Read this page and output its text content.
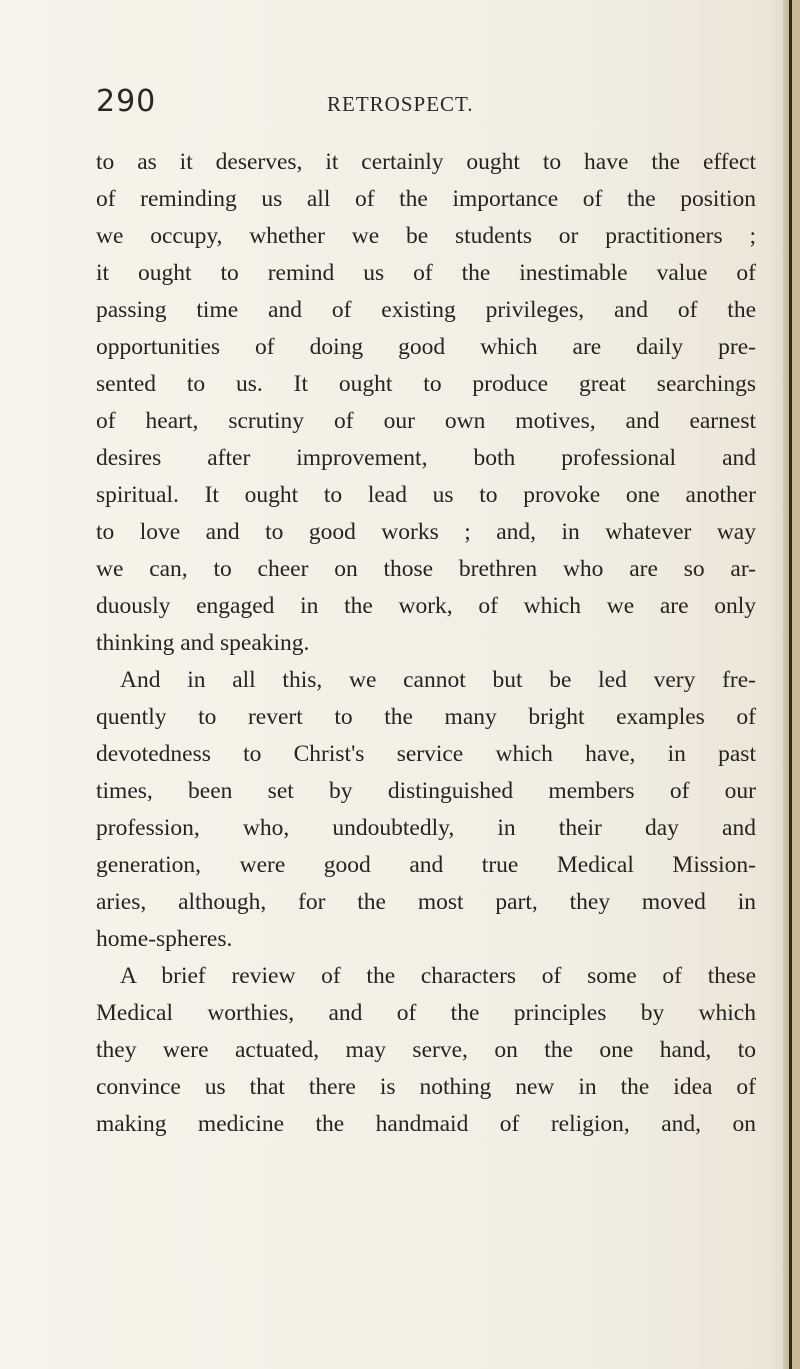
290	RETROSPECT.
to as it deserves, it certainly ought to have the effect
of reminding us all of the importance of the position
we occupy, whether we be students or practitioners ;
it ought to remind us of the inestimable value of
passing time and of existing privileges, and of the
opportunities of doing good which are daily pre-
sented to us. It ought to produce great searchings
of heart, scrutiny of our own motives, and earnest
desires after improvement, both professional and
spiritual. It ought to lead us to provoke one another
to love and to good works ; and, in whatever way
we can, to cheer on those brethren who are so ar-
duously engaged in the work, of which we are only
thinking and speaking.
And in all this, we cannot but be led very fre-
quently to revert to the many bright examples of
devotedness to Christ's service which have, in past
times, been set by distinguished members of our
profession, who, undoubtedly, in their day and
generation, were good and true Medical Mission-
aries, although, for the most part, they moved in
home-spheres.
A brief review of the characters of some of these
Medical worthies, and of the principles by which
they were actuated, may serve, on the one hand, to
convince us that there is nothing new in the idea of
making medicine the handmaid of religion, and, on
